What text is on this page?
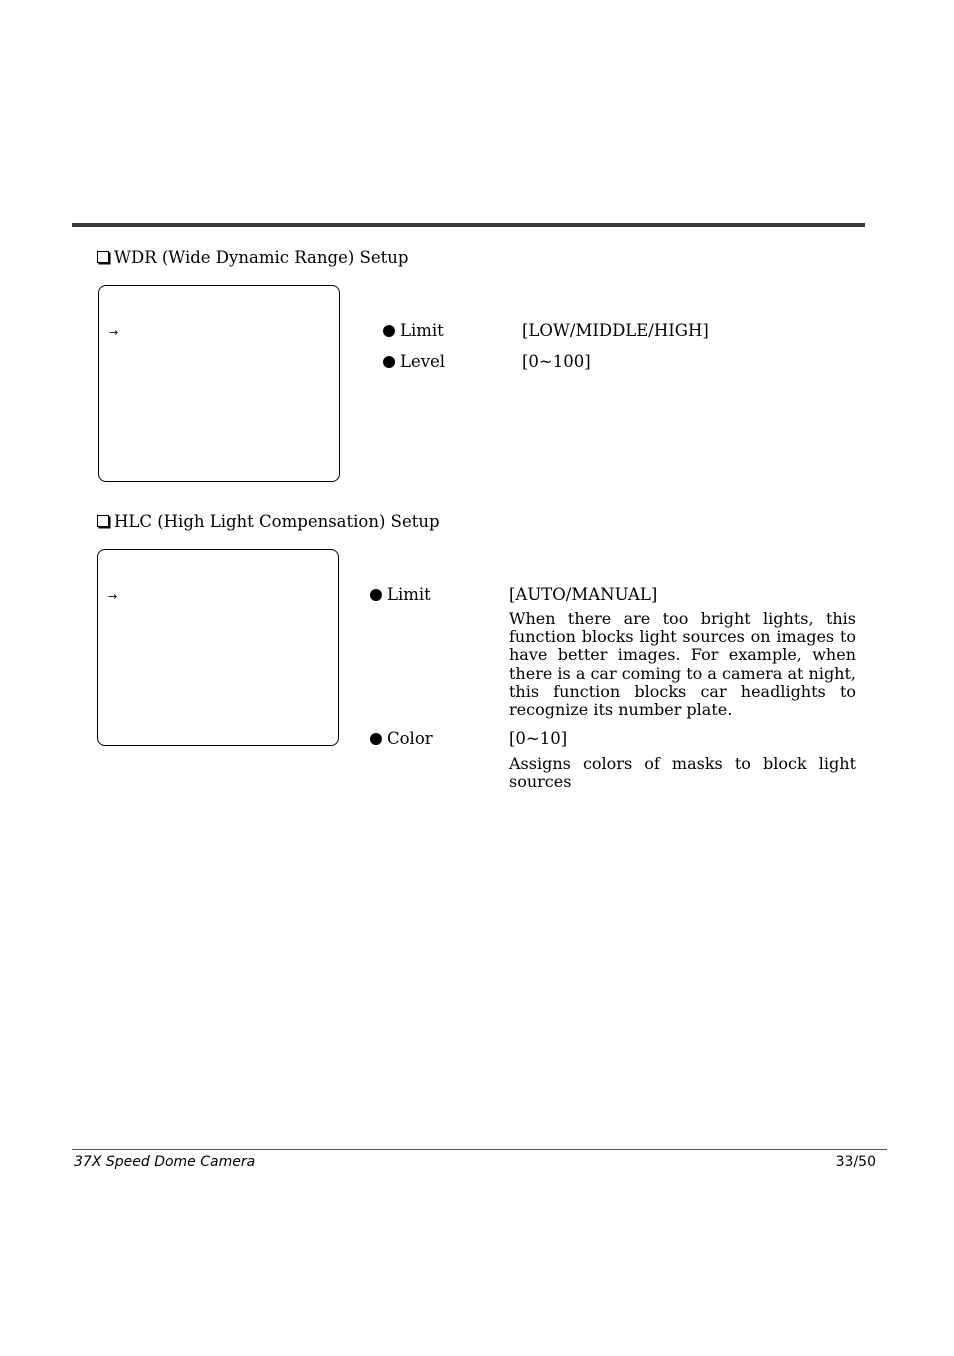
WDR (Wide Dynamic Range) Setup
→	Limit	[LOW/MIDDLE/HIGH]
Level	[0~100]
HLC (High Light Compensation) Setup
→	Limit	[AUTO/MANUAL]
When there are too bright lights, this function blocks light sources on images to have better images. For example, when there is a car coming to a camera at night, this function blocks car headlights to recognize its number plate.
Color	[0~10]
Assigns colors of masks to block light sources
37X Speed Dome Camera	33/50
